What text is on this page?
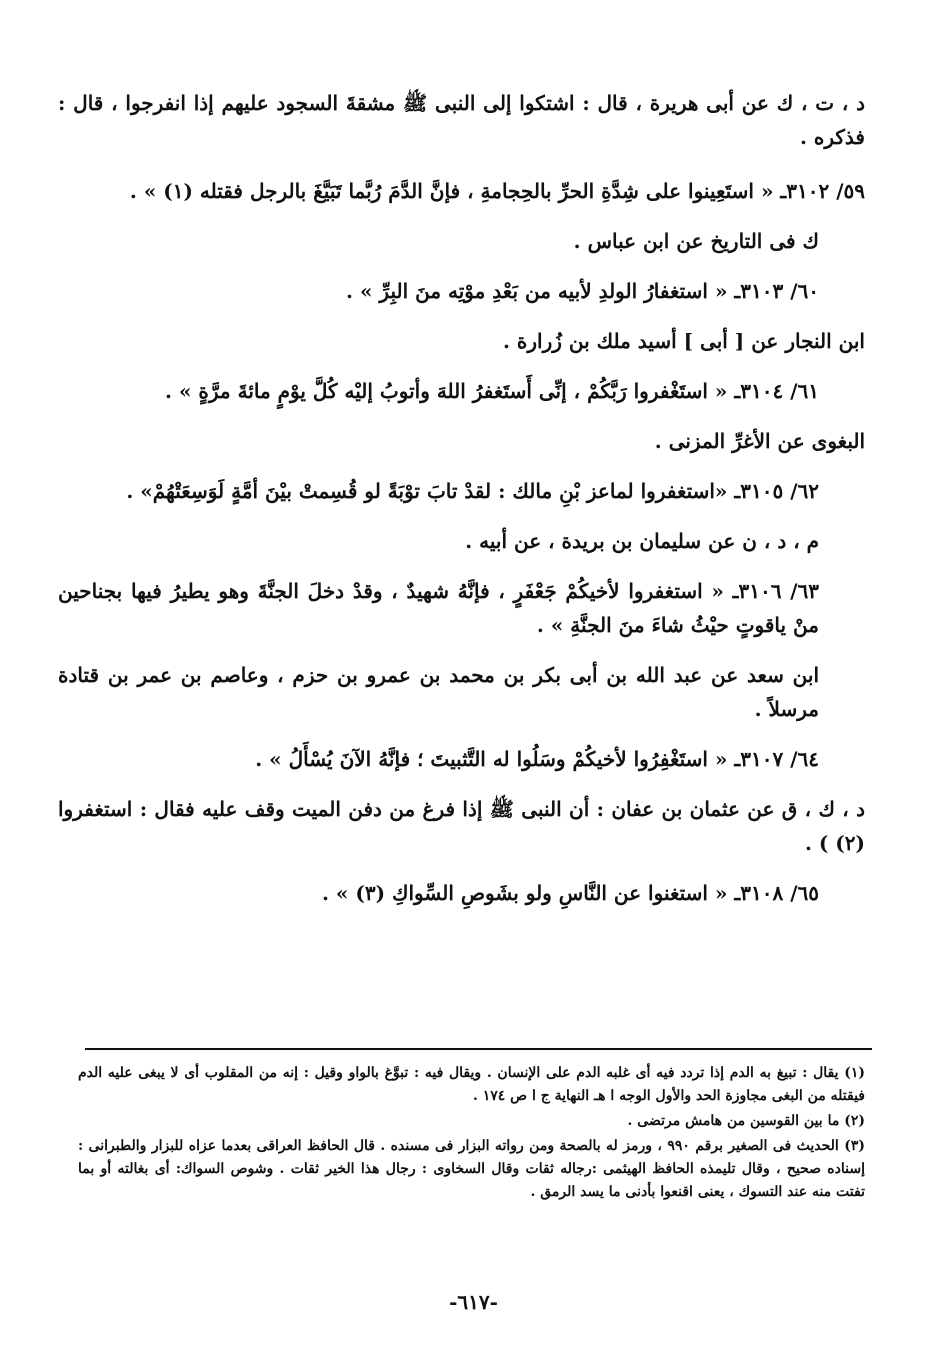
د ، ت ، ك عن أبى هريرة ، قال : اشتكوا إلى النبى ﷺ مشقةَ السجود عليهم إذا انفرجوا ، قال : فذكره .

٥٩/ ٣١٠٢ـ « استَعِينوا على شِدَّةِ الحرِّ بالحِجامةِ ، فإنَّ الدَّمَ رُبَّما تَبَيَّغَ بالرجل فقتله (١) » .

ك فى التاريخ عن ابن عباس .

٦٠/ ٣١٠٣ـ « استغفارُ الولدِ لأبيه من بَعْدِ موْتِه منَ البِرِّ » .

ابن النجار عن [ أبى ] أسيد ملك بن زُرارة .

٦١/ ٣١٠٤ـ « استَغْفروا رَبَّكُمْ ، إنِّى أَستَغفرُ اللهَ وأتوبُ إليْه كُلَّ يوْمٍ مائةَ مرَّةٍ » .

البغوى عن الأغرِّ المزنى .

٦٢/ ٣١٠٥ـ «استغفروا لماعز بْنِ مالك : لقدْ تابَ توْبَةً لو قُسِمتْ بيْنَ أمَّةٍ لَوَسِعَتْهُمْ» .

م ، د ، ن عن سليمان بن بريدة ، عن أبيه .

٦٣/ ٣١٠٦ـ « استغفروا لأخيكُمْ جَعْفَرٍ ، فإنَّهُ شهيدٌ ، وقدْ دخلَ الجنَّةَ وهو يطيرُ فيها بجناحين منْ ياقوتٍ حيْثُ شاءَ منَ الجنَّةِ » .

ابن سعد عن عبد الله بن أبى بكر بن محمد بن عمرو بن حزم ، وعاصم بن عمر بن قتادة مرسلاً .

٦٤/ ٣١٠٧ـ « استَغْفِرُوا لأخيكُمْ وسَلُوا له التَّثبيتَ ؛ فإنَّهُ الآنَ يُسْأَلُ » .

د ، ك ، ق عن عثمان بن عفان : أن النبى ﷺ إذا فرغ من دفن الميت وقف عليه فقال : استغفروا (٢) ) .

٦٥/ ٣١٠٨ـ « استغنوا عن النَّاسِ ولو بشَوصِ السِّواكِ (٣) » .

(١) يقال : تبيغ به الدم إذا تردد فيه أى غلبه الدم على الإنسان . ويقال فيه : تبوَّغ بالواو وقيل : إنه من المقلوب أى لا يبغى عليه الدم فيقتله من البغى مجاوزة الحد والأول الوجه ا هـ النهاية ج ا ص ١٧٤ .

(٢) ما بين القوسين من هامش مرتضى .

(٣) الحديث فى الصغير برقم ٩٩٠ ، ورمز له بالصحة ومن رواته البزار فى مسنده . قال الحافظ العراقى بعدما عزاه للبزار والطبرانى : إسناده صحيح ، وقال تليمذه الحافظ الهيثمى :رجاله ثقات وقال السخاوى : رجال هذا الخير ثقات . وشوص السواك: أى بغالته أو بما تفتت منه عند التسوك ، يعنى اقنعوا بأدنى ما يسد الرمق .

-٦١٧-
